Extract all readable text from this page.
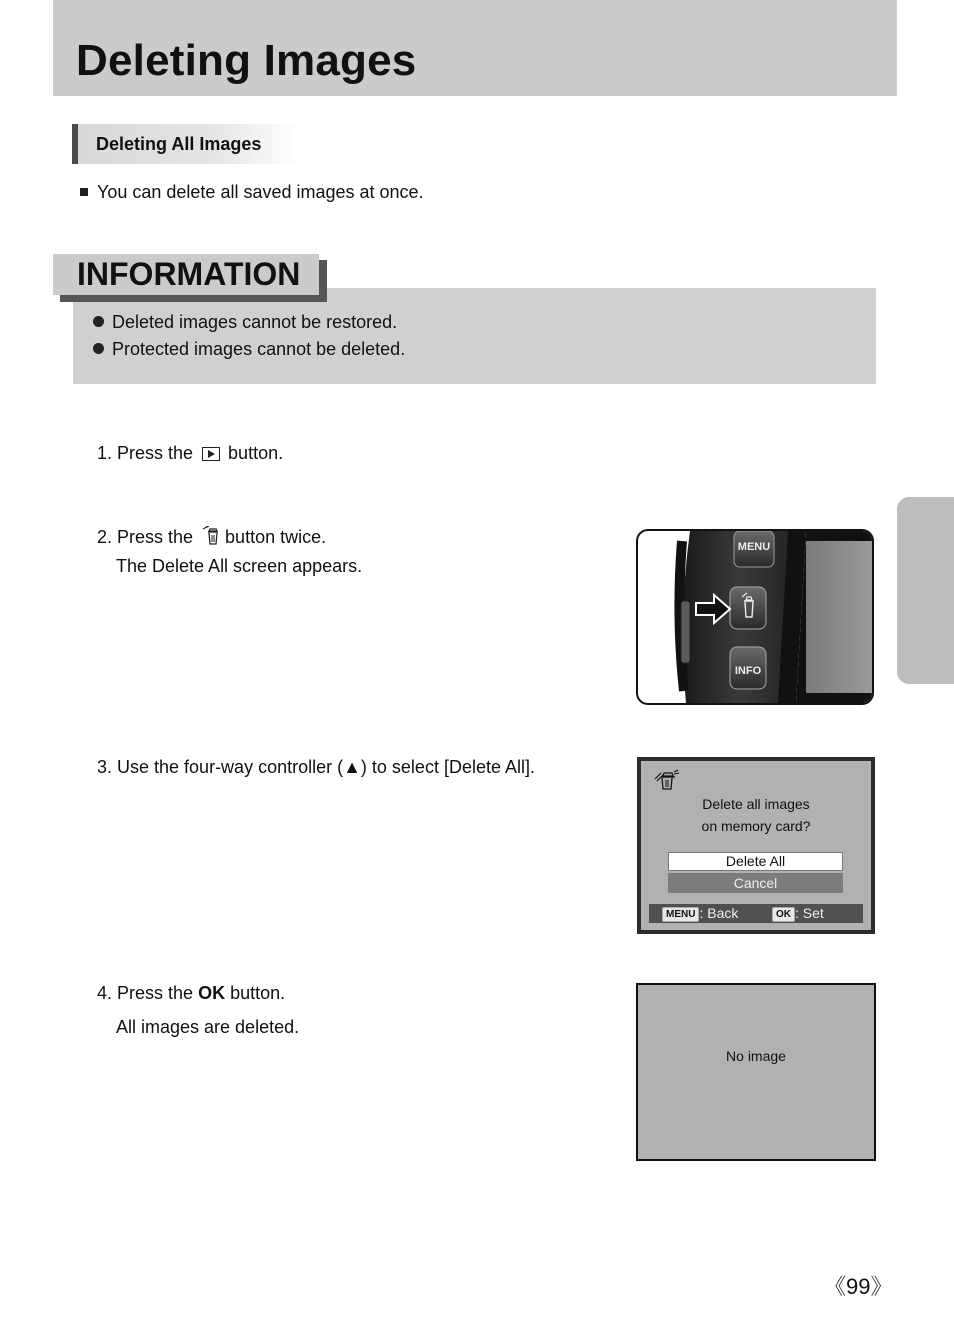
Deleting Images
Deleting All Images
You can delete all saved images at once.
INFORMATION
Deleted images cannot be restored.
Protected images cannot be deleted.
1. Press the button.
2. Press the button twice.
The Delete All screen appears.
MENU
INFO
3. Use the four-way controller (▲) to select [Delete All].
Delete all images
on memory card?
Delete All
Cancel
MENU : Back	OK : Set
4. Press the OK button.
All images are deleted.
No image
《99》
